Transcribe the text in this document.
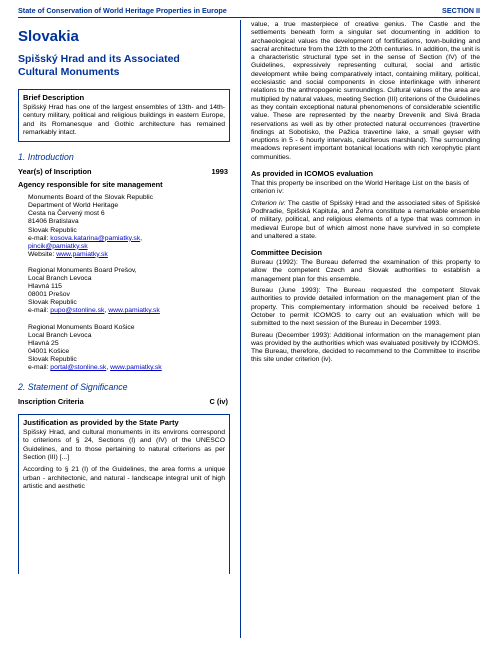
State of Conservation of World Heritage Properties in Europe	SECTION II
Slovakia
Spišský Hrad and its Associated
Cultural Monuments
Brief Description

Spišský Hrad has one of the largest ensembles of 13th- and 14th-century military, political and religious buildings in eastern Europe, and its Romanesque and Gothic architecture has remained remarkably intact.

1. Introduction
Year(s) of Inscription	1993
Agency responsible for site management
Monuments Board of the Slovak Republic
Department of World Heritage
Cesta na Červený most 6
81406 Bratislava
Slovak Republic
e-mail: kosova.katarina@pamiatky.sk,
pincik@pamiatky.sk
Website: www.pamiatky.sk
Regional Monuments Board Prešov,
Local Branch Levoca
Hlavná 115
08001 Prešov
Slovak Republic
e-mail: pupo@stonline.sk, www.pamiatky.sk
Regional Monuments Board Košice
Local Branch Levoca
Hlavná 25
04001 Košice
Slovak Republic
e-mail: portal@stonline.sk, www.pamiatky.sk
2. Statement of Significance
Inscription Criteria	C (iv)
Justification as provided by the State Party

Spišský Hrad, and cultural monuments in its environs correspond to criterions of § 24, Sections (I) and (IV) of the UNESCO Guidelines, and to those pertaining to natural criterions as per Section (III) [...]

According to § 21 (I) of the Guidelines, the area forms a unique urban - architectonic, and natural - landscape integral unit of high artistic and aesthetic

value, a true masterpiece of creative genius. The Castle and the settlements beneath form a singular set documenting in addition to archaeological values the development of fortifications, town-building and sacral architecture from the 12th to the 20th centuries. In addition, the unit is a characteristic structural type set in the sense of Section (IV) of the Guidelines, expressively representing cultural, social and artistic development while being comparatively intact, containing military, political, ecclesiastic and social components in close interlinkage with inherent relations to the anthropogenic surroundings. Cultural values of the area are multiplied by natural values, meeting Section (III) criterions of the Guidelines as they contain exceptional natural phenomenons of considerable scientific value. These are represented by the nearby Dreveník and Sivá Brada reservations as well as by other protected natural occurrences (travertine findings at Sobotisko, the Pažica travertine lake, a small geyser with eruptions in 5 - 6 hourly intervals, calciferous marshland). The surrounding meadows represent important botanical locations with rich xerophytic plant communities.

As provided in ICOMOS evaluation

That this property be inscribed on the World Heritage List on the basis of criterion iv:

Criterion iv: The castle of Spišský Hrad and the associated sites of Spišské Podhradie, Spišská Kapitula, and Žehra constitute a remarkable ensemble of military, political, and religious elements of a type that was common in medieval Europe but of which almost none have survived in so complete and unaltered a state.

Committee Decision

Bureau (1992): The Bureau deferred the examination of this property to allow the competent Czech and Slovak authorities to establish a management plan for this ensemble.

Bureau (June 1993): The Bureau requested the competent Slovak authorities to provide detailed information on the management plan of the property. This complementary information should be received before 1 October to permit ICOMOS to carry out an evaluation which will be submitted to the next session of the Bureau in December 1993.

Bureau (December 1993): Additional information on the management plan was provided by the authorities which was evaluated positively by ICOMOS. The Bureau, therefore, decided to recommend to the Committee to inscribe this site under criterion (iv).
